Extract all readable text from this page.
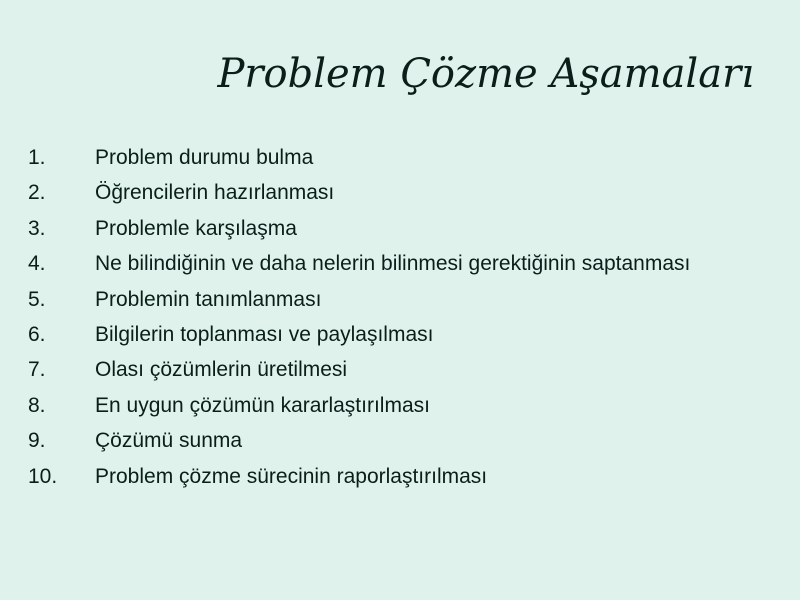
Problem Çözme Aşamaları
1.	Problem durumu bulma
2.	Öğrencilerin hazırlanması
3.	Problemle karşılaşma
4.	Ne bilindiğinin ve daha nelerin bilinmesi gerektiğinin saptanması
5.	Problemin tanımlanması
6.	Bilgilerin toplanması ve paylaşılması
7.	Olası çözümlerin üretilmesi
8.	En uygun çözümün kararlaştırılması
9.	Çözümü sunma
10.	Problem çözme sürecinin raporlaştırılması
